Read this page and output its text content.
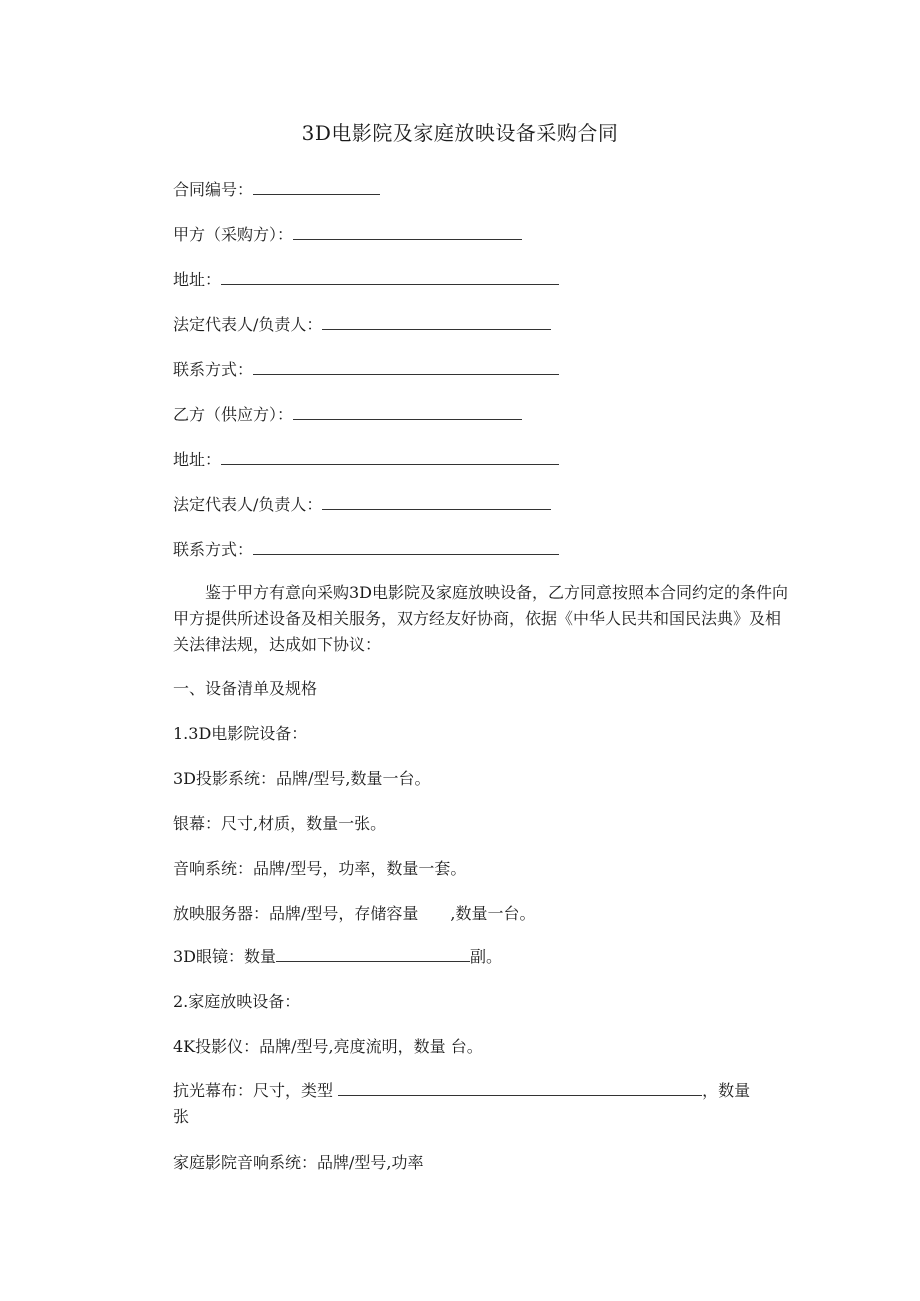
3D电影院及家庭放映设备采购合同
合同编号：
甲方（采购方）：
地址：
法定代表人/负责人：
联系方式：
乙方（供应方）：
地址：
法定代表人/负责人：
联系方式：
鉴于甲方有意向采购3D电影院及家庭放映设备，乙方同意按照本合同约定的条件向
甲方提供所述设备及相关服务，双方经友好协商，依据《中华人民共和国民法典》及相
关法律法规，达成如下协议：
一、设备清单及规格
1.3D电影院设备：
3D投影系统：品牌/型号,数量一台。
银幕：尺寸,材质，数量一张。
音响系统：品牌/型号，功率，数量一套。
放映服务器：品牌/型号，存储容量　　,数量一台。
3D眼镜：数量	副。
2.家庭放映设备：
4K投影仪：品牌/型号,亮度流明，数量 台。
抗光幕布：尺寸，类型	，数量
张
家庭影院音响系统：品牌/型号,功率
